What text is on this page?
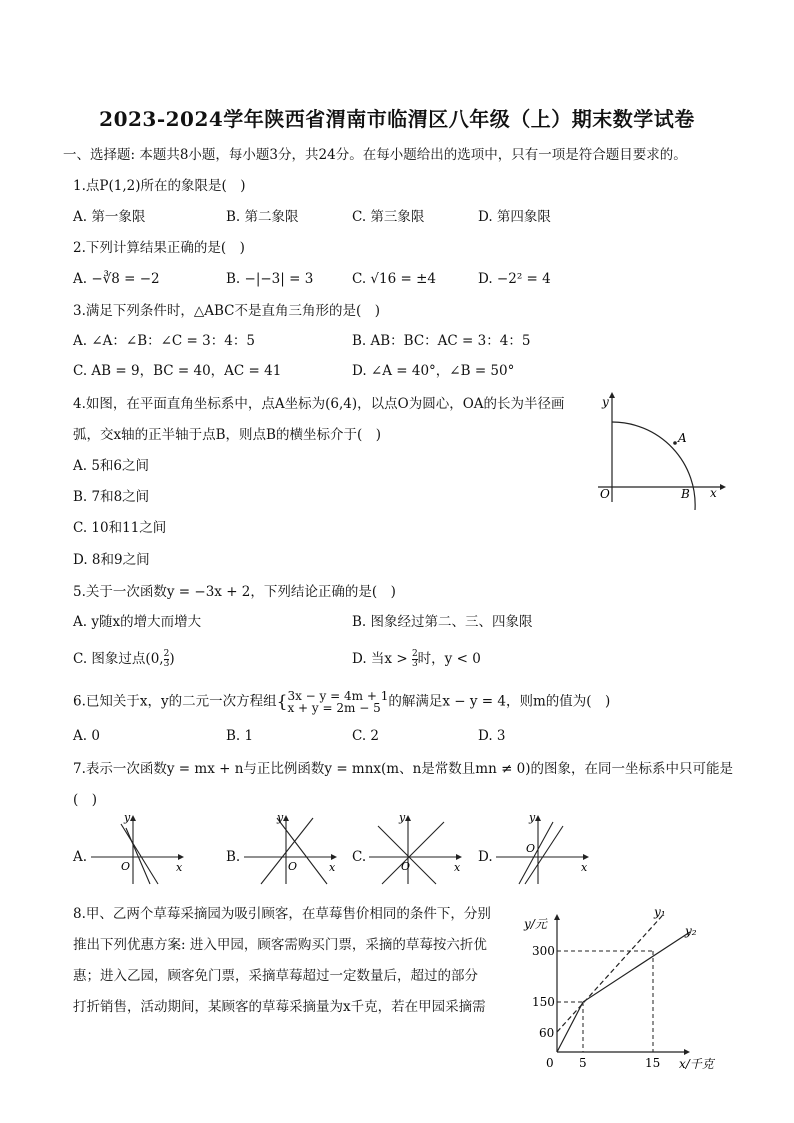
2023-2024学年陕西省渭南市临渭区八年级（上）期末数学试卷
一、选择题: 本题共8小题，每小题3分，共24分。在每小题给出的选项中，只有一项是符合题目要求的。
1.点P(1,2)所在的象限是(　)
A. 第一象限	B. 第二象限	C. 第三象限	D. 第四象限
2.下列计算结果正确的是(　)
A. −∛8 = −2	B. −|−3| = 3	C. √16 = ±4	D. −2² = 4
3.满足下列条件时，△ABC不是直角三角形的是(　)
A. ∠A：∠B：∠C = 3：4：5	B. AB：BC：AC = 3：4：5
C. AB = 9，BC = 40，AC = 41	D. ∠A = 40°，∠B = 50°
4.如图，在平面直角坐标系中，点A坐标为(6,4)，以点O为圆心，OA的长为半径画
弧，交x轴的正半轴于点B，则点B的横坐标介于(　)
A. 5和6之间
B. 7和8之间
C. 10和11之间
D. 8和9之间
y
x
O
A
B
5.关于一次函数y = −3x + 2，下列结论正确的是(　)
A. y随x的增大而增大	B. 图象经过第二、三、四象限
C. 图象过点(0, $\frac{2}{3}$ )	D. 当$x > \frac{2}{3}$ 时，y < 0
6.已知关于x，y的二元一次方程组{ 3x − y = 4m + 1
x + y = 2m − 5 的解满足x − y = 4，则m的值为(　)
A. 0	B. 1	C. 2	D. 3
7.表示一次函数y = mx + n与正比例函数y = mnx(m、n是常数且mn ≠ 0)的图象，在同一坐标系中只可能是
(　)
A.	B.	C.	D.
y
x
O
y
x
O
y
x
O
y
x
O
8.甲、乙两个草莓采摘园为吸引顾客，在草莓售价相同的条件下，分别
推出下列优惠方案: 进入甲园，顾客需购买门票，采摘的草莓按六折优
惠；进入乙园，顾客免门票，采摘草莓超过一定数量后，超过的部分
打折销售，活动期间，某顾客的草莓采摘量为x千克，若在甲园采摘需
y/元
x/千克
y₁
y₂
300
150
60
0 5	15
